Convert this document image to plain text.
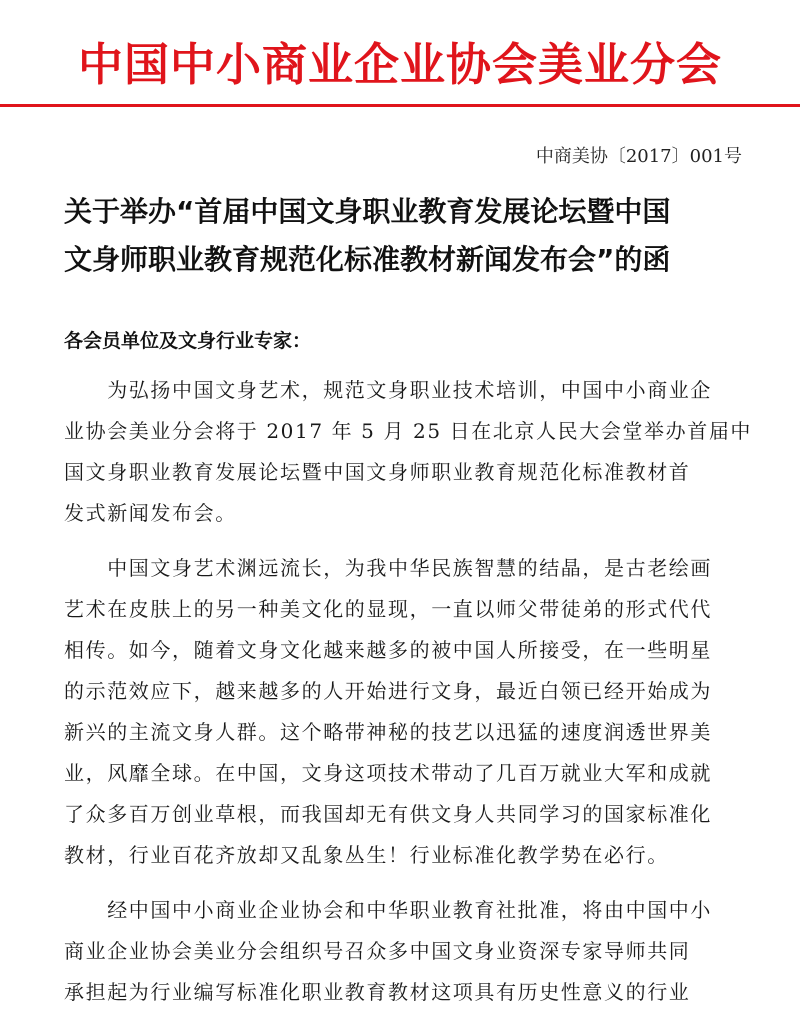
中国中小商业企业协会美业分会
中商美协〔2017〕001号
关于举办“首届中国文身职业教育发展论坛暨中国
文身师职业教育规范化标准教材新闻发布会”的函
各会员单位及文身行业专家：
　　为弘扬中国文身艺术，规范文身职业技术培训，中国中小商业企
业协会美业分会将于 2017 年 5 月 25 日在北京人民大会堂举办首届中
国文身职业教育发展论坛暨中国文身师职业教育规范化标准教材首
发式新闻发布会。
　　中国文身艺术渊远流长，为我中华民族智慧的结晶，是古老绘画
艺术在皮肤上的另一种美文化的显现，一直以师父带徒弟的形式代代
相传。如今，随着文身文化越来越多的被中国人所接受，在一些明星
的示范效应下，越来越多的人开始进行文身，最近白领已经开始成为
新兴的主流文身人群。这个略带神秘的技艺以迅猛的速度润透世界美
业，风靡全球。在中国，文身这项技术带动了几百万就业大军和成就
了众多百万创业草根，而我国却无有供文身人共同学习的国家标准化
教材，行业百花齐放却又乱象丛生！行业标准化教学势在必行。
　　经中国中小商业企业协会和中华职业教育社批准，将由中国中小
商业企业协会美业分会组织号召众多中国文身业资深专家导师共同
承担起为行业编写标准化职业教育教材这项具有历史性意义的行业
